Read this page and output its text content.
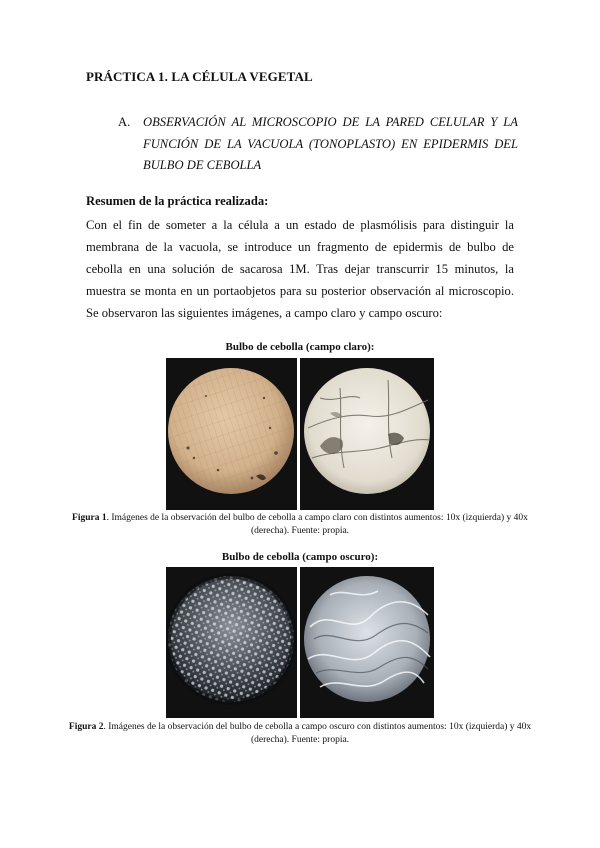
PRÁCTICA 1. LA CÉLULA VEGETAL
A. OBSERVACIÓN AL MICROSCOPIO DE LA PARED CELULAR Y LA FUNCIÓN DE LA VACUOLA (TONOPLASTO) EN EPIDERMIS DEL BULBO DE CEBOLLA
Resumen de la práctica realizada:
Con el fin de someter a la célula a un estado de plasmólisis para distinguir la membrana de la vacuola, se introduce un fragmento de epidermis de bulbo de cebolla en una solución de sacarosa 1M. Tras dejar transcurrir 15 minutos, la muestra se monta en un portaobjetos para su posterior observación al microscopio. Se observaron las siguientes imágenes, a campo claro y campo oscuro:
Bulbo de cebolla (campo claro):
Figura 1. Imágenes de la observación del bulbo de cebolla a campo claro con distintos aumentos: 10x (izquierda) y 40x (derecha). Fuente: propia.
Bulbo de cebolla (campo oscuro):
Figura 2. Imágenes de la observación del bulbo de cebolla a campo oscuro con distintos aumentos: 10x (izquierda) y 40x (derecha). Fuente: propia.
